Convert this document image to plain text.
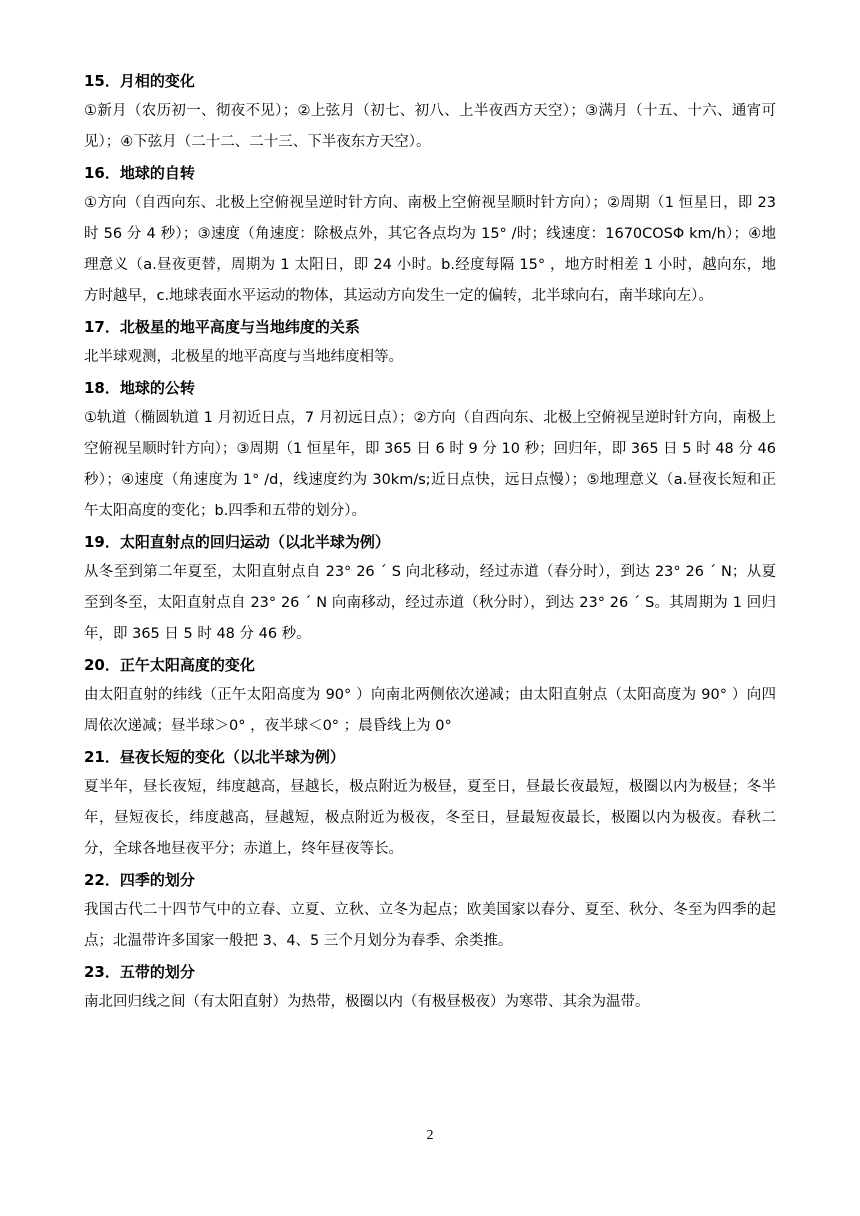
15．月相的变化
①新月（农历初一、彻夜不见）；②上弦月（初七、初八、上半夜西方天空）；③满月（十五、十六、通宵可见）；④下弦月（二十二、二十三、下半夜东方天空）。
16．地球的自转
①方向（自西向东、北极上空俯视呈逆时针方向、南极上空俯视呈顺时针方向）；②周期（1 恒星日，即 23 时 56 分 4 秒）；③速度（角速度：除极点外，其它各点均为 15° /时；线速度：1670COSΦ km/h）；④地理意义（a.昼夜更替，周期为 1 太阳日，即 24 小时。b.经度每隔 15° ，地方时相差 1 小时，越向东，地方时越早，c.地球表面水平运动的物体，其运动方向发生一定的偏转，北半球向右，南半球向左）。
17．北极星的地平高度与当地纬度的关系
北半球观测，北极星的地平高度与当地纬度相等。
18．地球的公转
①轨道（椭圆轨道 1 月初近日点，7 月初远日点）；②方向（自西向东、北极上空俯视呈逆时针方向，南极上空俯视呈顺时针方向）；③周期（1 恒星年，即 365 日 6 时 9 分 10 秒；回归年，即 365 日 5 时 48 分 46 秒）；④速度（角速度为 1° /d，线速度约为 30km/s;近日点快，远日点慢）；⑤地理意义（a.昼夜长短和正午太阳高度的变化；b.四季和五带的划分）。
19．太阳直射点的回归运动（以北半球为例）
从冬至到第二年夏至，太阳直射点自 23° 26 ´ S 向北移动，经过赤道（春分时），到达 23° 26 ´ N；从夏至到冬至，太阳直射点自 23° 26 ´ N 向南移动，经过赤道（秋分时），到达 23° 26 ´ S。其周期为 1 回归年，即 365 日 5 时 48 分 46 秒。
20．正午太阳高度的变化
由太阳直射的纬线（正午太阳高度为 90° ）向南北两侧依次递减；由太阳直射点（太阳高度为 90° ）向四周依次递减；昼半球＞0° ，夜半球＜0° ；晨昏线上为 0°
21．昼夜长短的变化（以北半球为例）
夏半年，昼长夜短，纬度越高，昼越长，极点附近为极昼，夏至日，昼最长夜最短，极圈以内为极昼；冬半年，昼短夜长，纬度越高，昼越短，极点附近为极夜，冬至日，昼最短夜最长，极圈以内为极夜。春秋二分，全球各地昼夜平分；赤道上，终年昼夜等长。
22．四季的划分
我国古代二十四节气中的立春、立夏、立秋、立冬为起点；欧美国家以春分、夏至、秋分、冬至为四季的起点；北温带许多国家一般把 3、4、5 三个月划分为春季、余类推。
23．五带的划分
南北回归线之间（有太阳直射）为热带，极圈以内（有极昼极夜）为寒带、其余为温带。
2
